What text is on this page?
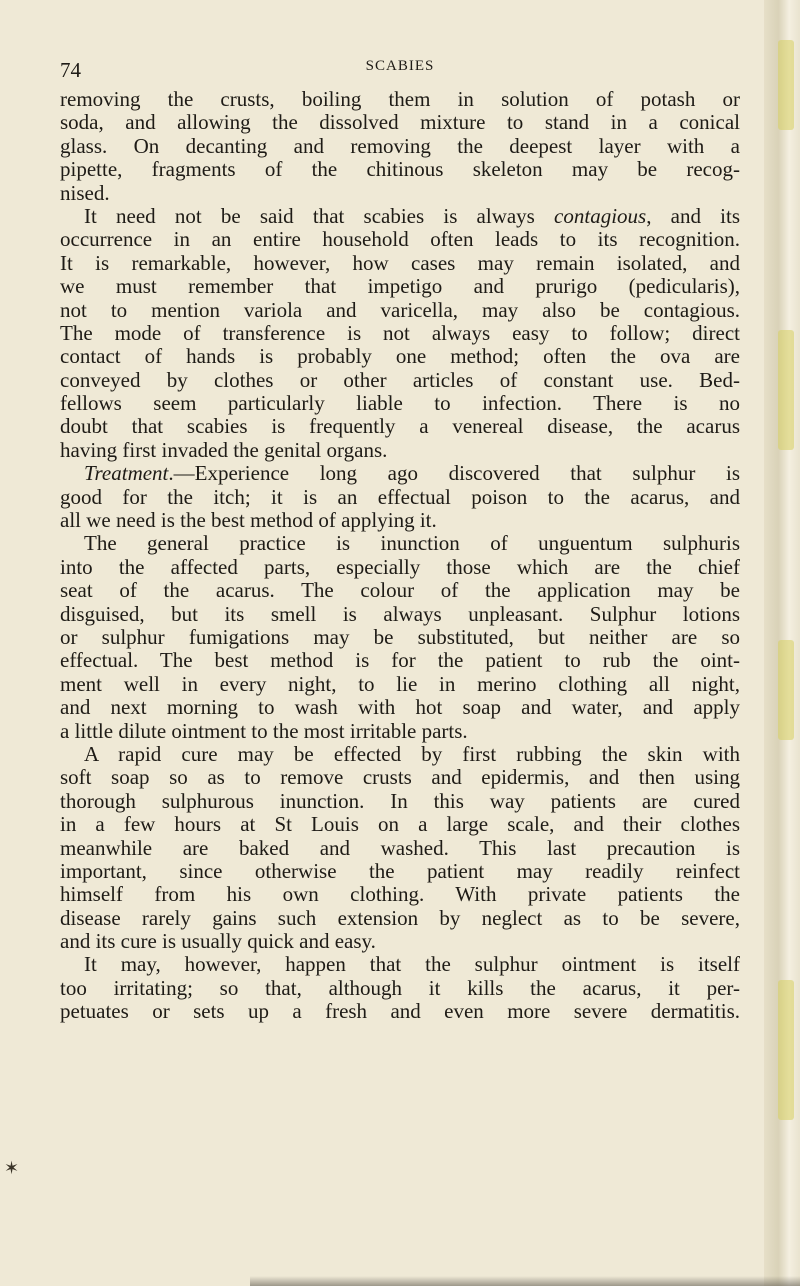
74	SCABIES
removing the crusts, boiling them in solution of potash or
soda, and allowing the dissolved mixture to stand in a conical
glass. On decanting and removing the deepest layer with a
pipette, fragments of the chitinous skeleton may be recog-
nised.
It need not be said that scabies is always contagious, and its
occurrence in an entire household often leads to its recognition.
It is remarkable, however, how cases may remain isolated, and
we must remember that impetigo and prurigo (pedicularis),
not to mention variola and varicella, may also be contagious.
The mode of transference is not always easy to follow; direct
contact of hands is probably one method; often the ova are
conveyed by clothes or other articles of constant use. Bed-
fellows seem particularly liable to infection. There is no
doubt that scabies is frequently a venereal disease, the acarus
having first invaded the genital organs.
Treatment.—Experience long ago discovered that sulphur is
good for the itch; it is an effectual poison to the acarus, and
all we need is the best method of applying it.
The general practice is inunction of unguentum sulphuris
into the affected parts, especially those which are the chief
seat of the acarus. The colour of the application may be
disguised, but its smell is always unpleasant. Sulphur lotions
or sulphur fumigations may be substituted, but neither are so
effectual. The best method is for the patient to rub the oint-
ment well in every night, to lie in merino clothing all night,
and next morning to wash with hot soap and water, and apply
a little dilute ointment to the most irritable parts.
A rapid cure may be effected by first rubbing the skin with
soft soap so as to remove crusts and epidermis, and then using
thorough sulphurous inunction. In this way patients are cured
in a few hours at St Louis on a large scale, and their clothes
meanwhile are baked and washed. This last precaution is
important, since otherwise the patient may readily reinfect
himself from his own clothing. With private patients the
disease rarely gains such extension by neglect as to be severe,
and its cure is usually quick and easy.
It may, however, happen that the sulphur ointment is itself
too irritating; so that, although it kills the acarus, it per-
petuates or sets up a fresh and even more severe dermatitis.
✶
